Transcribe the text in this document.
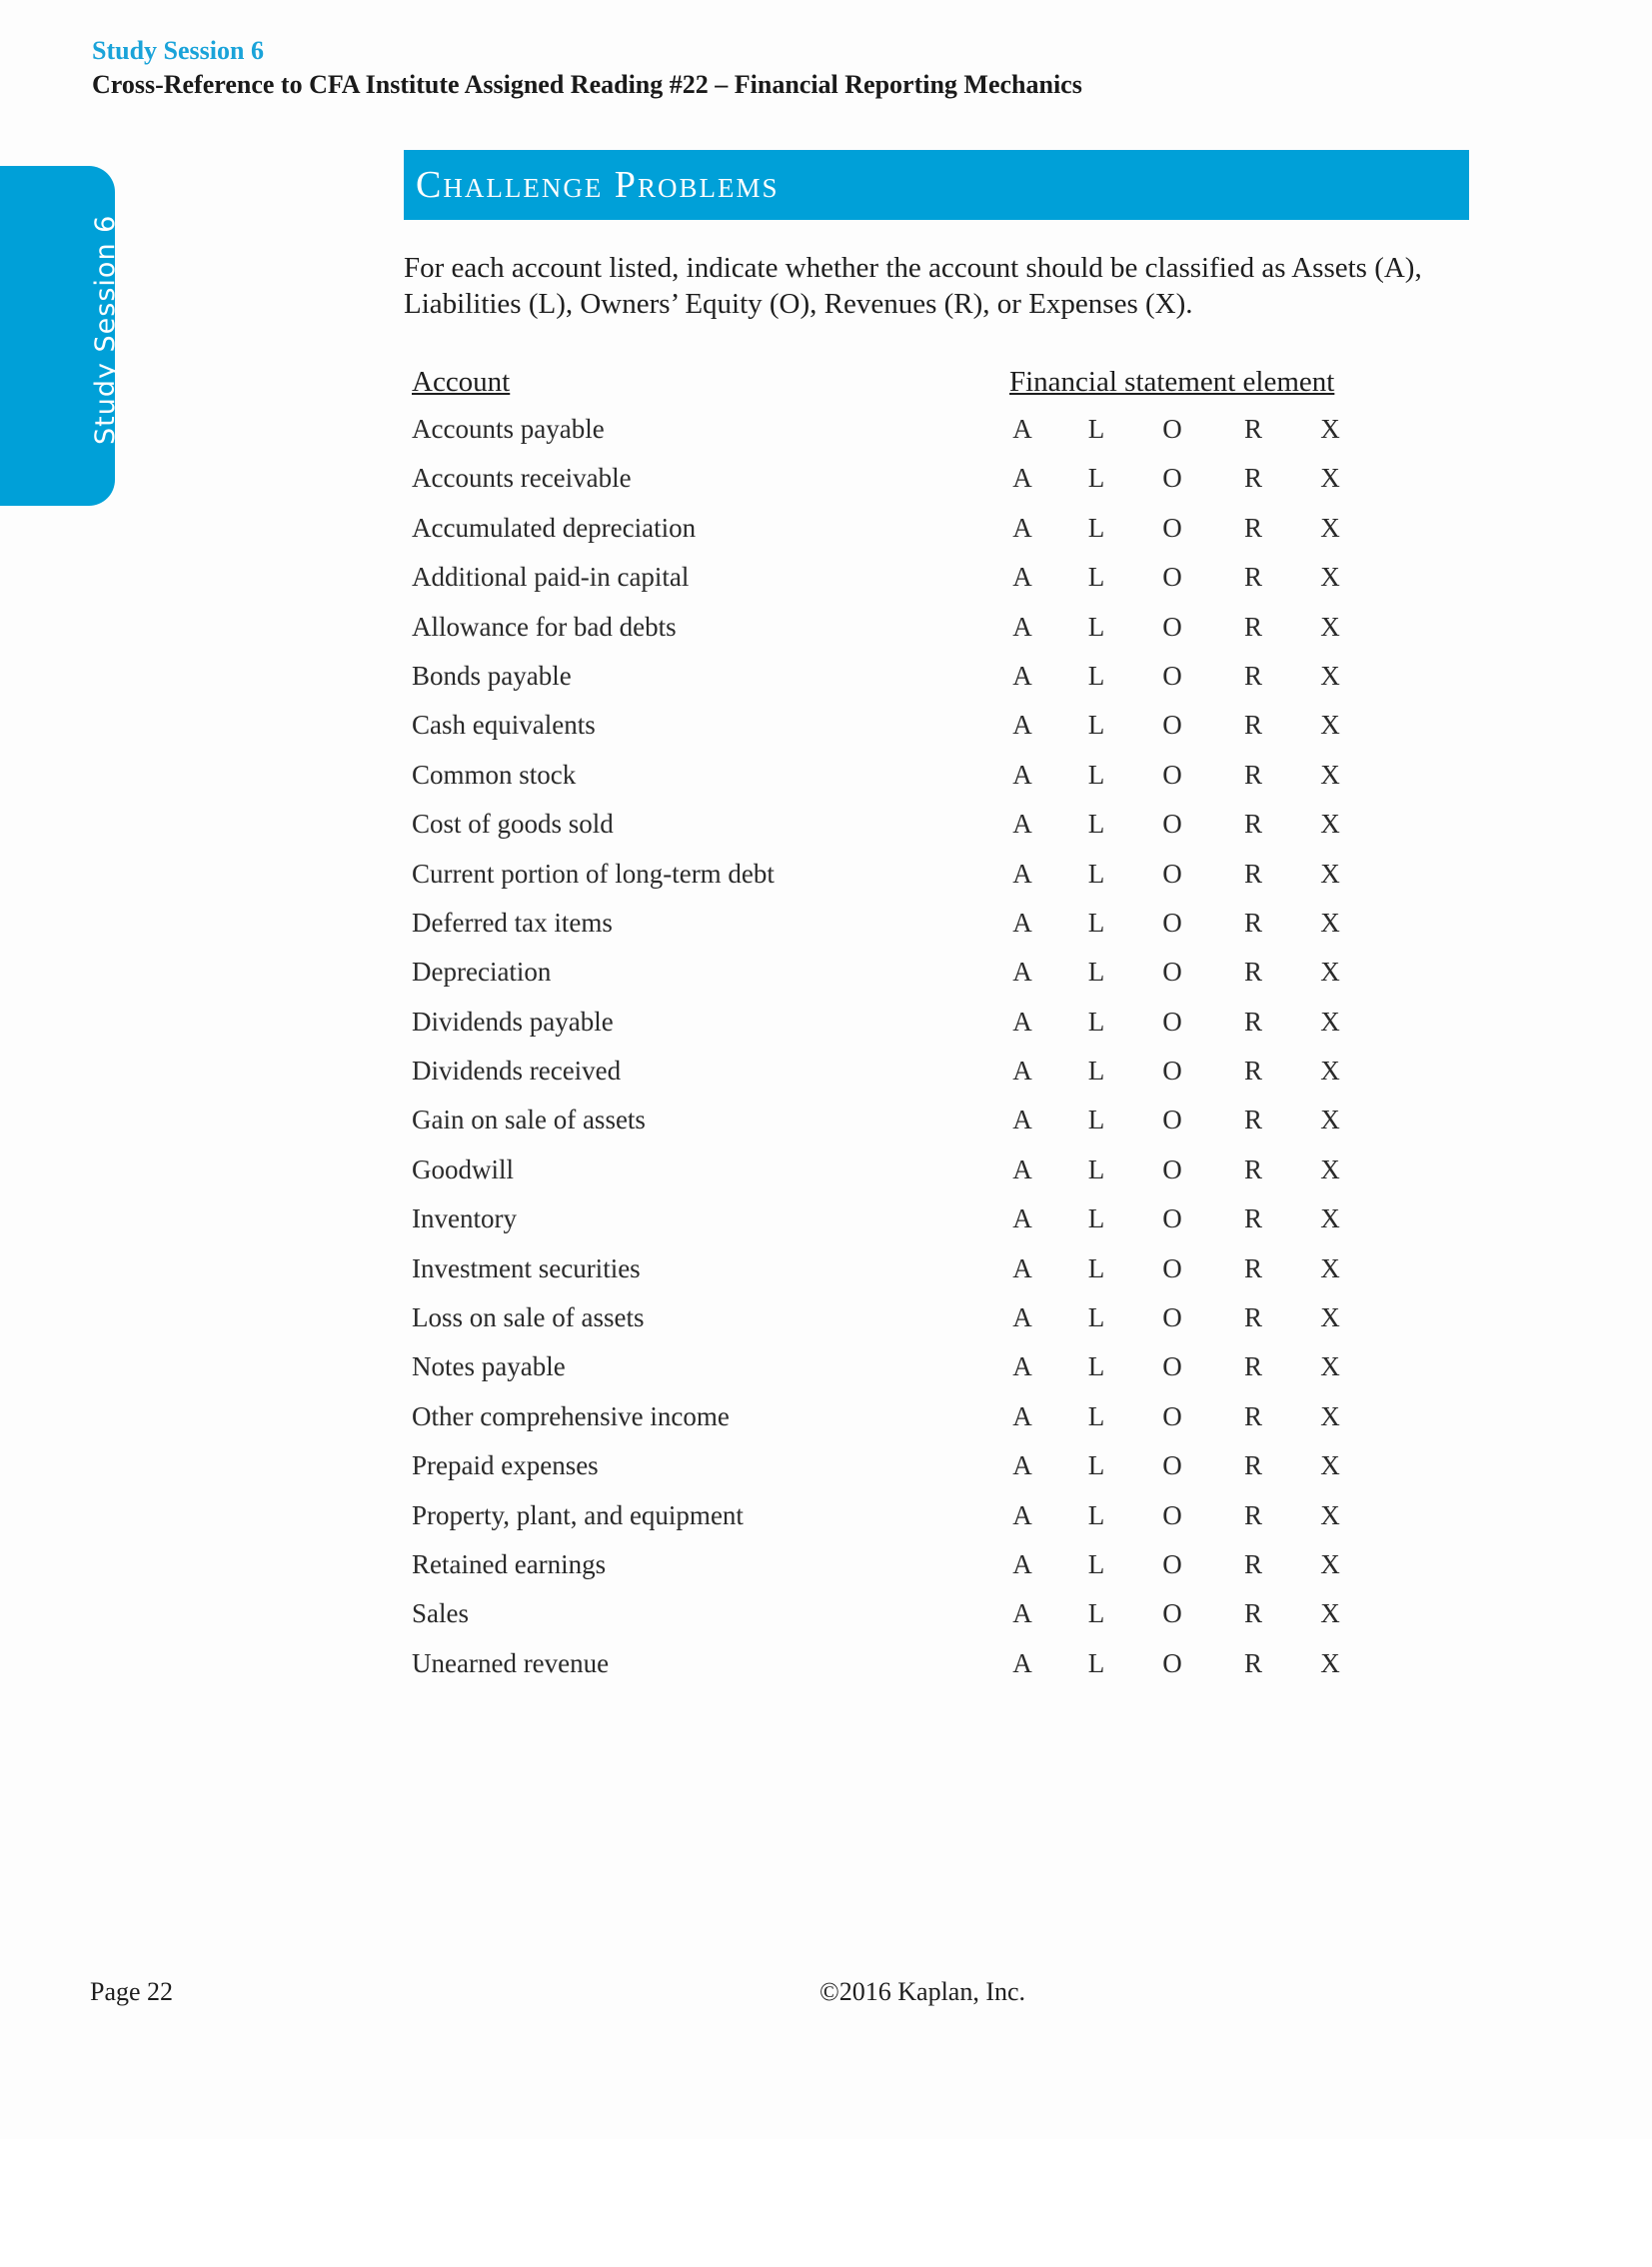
Study Session 6
Cross-Reference to CFA Institute Assigned Reading #22 – Financial Reporting Mechanics
Study Session 6
Challenge Problems
For each account listed, indicate whether the account should be classified as Assets (A), Liabilities (L), Owners’ Equity (O), Revenues (R), or Expenses (X).
Account	Financial statement element
Accounts payable	A	L	O	R	X
Accounts receivable	A	L	O	R	X
Accumulated depreciation	A	L	O	R	X
Additional paid-in capital	A	L	O	R	X
Allowance for bad debts	A	L	O	R	X
Bonds payable	A	L	O	R	X
Cash equivalents	A	L	O	R	X
Common stock	A	L	O	R	X
Cost of goods sold	A	L	O	R	X
Current portion of long-term debt	A	L	O	R	X
Deferred tax items	A	L	O	R	X
Depreciation	A	L	O	R	X
Dividends payable	A	L	O	R	X
Dividends received	A	L	O	R	X
Gain on sale of assets	A	L	O	R	X
Goodwill	A	L	O	R	X
Inventory	A	L	O	R	X
Investment securities	A	L	O	R	X
Loss on sale of assets	A	L	O	R	X
Notes payable	A	L	O	R	X
Other comprehensive income	A	L	O	R	X
Prepaid expenses	A	L	O	R	X
Property, plant, and equipment	A	L	O	R	X
Retained earnings	A	L	O	R	X
Sales	A	L	O	R	X
Unearned revenue	A	L	O	R	X
Page 22	©2016 Kaplan, Inc.
